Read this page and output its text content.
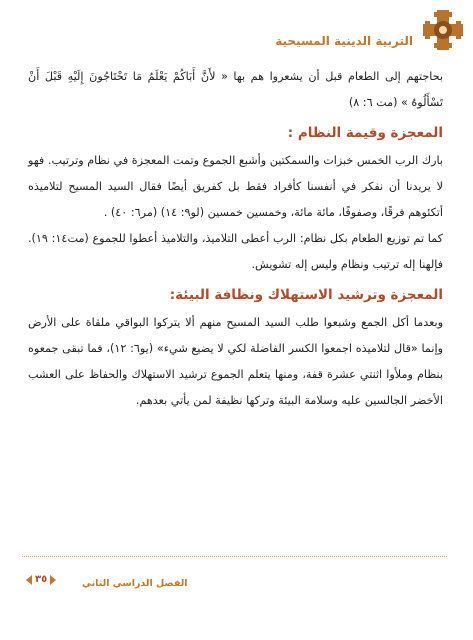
التربية الدينية المسيحية

بحاجتهم إلى الطعام قبل أن يشعروا هم بها « لأَنَّ أَبَاكُمْ يَعْلَمُ مَا تَحْتَاجُونَ إِلَيْهِ قَبْلَ أَنْ تَسْأَلُوهُ » (مت ٦: ٨)

المعجزة وقيمة النظام :

بارك الرب الخمس خبزات والسمكتين وأشبع الجموع وتمت المعجزة في نظام وترتيب. فهو لا يريدنا أن نفكر في أنفسنا كأفراد فقط بل كفريق أيضًا فقال السيد المسيح لتلاميذه أتكئوهم فرقًا، وصفوفًا، مائة مائة، وخمسين خمسين (لو٩: ١٤) (مر٦: ٤٠) .

كما تم توزيع الطعام بكل نظام: الرب أعطى التلاميذ، والتلاميذ أعطوا للجموع (مت١٤: ١٩). فإلهنا إله ترتيب ونظام وليس إله تشويش.

المعجزة وترشيد الاستهلاك ونظافة البيئة:

وبعدما أكل الجمع وشبعوا طلب السيد المسيح منهم ألا يتركوا البواقي ملقاة على الأرض وإنما «قال لتلاميذه اجمعوا الكسر الفاضلة لكي لا يضيع شيء» (يو٦: ١٢)، فما تبقى جمعوه بنظام وملأوا اثنتي عشرة قفة، ومنها يتعلم الجموع ترشيد الاستهلاك والحفاظ على العشب الأخضر الجالسين عليه وسلامة البيئة وتركها نظيفة لمن يأتي بعدهم.

الفصل الدراسي الثاني
٣٥
